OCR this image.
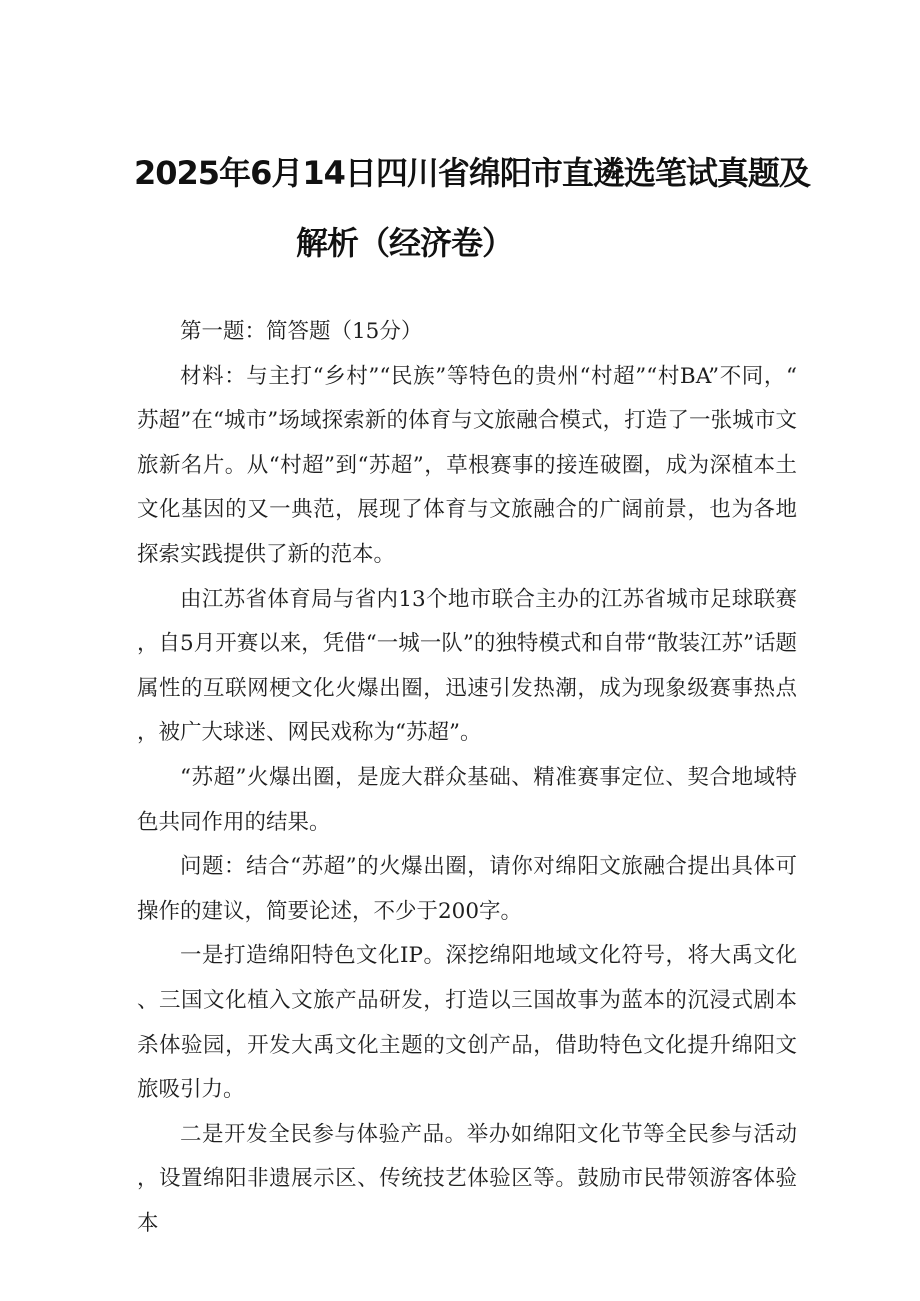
2025年6月14日四川省绵阳市直遴选笔试真题及
解析（经济卷）

第一题：简答题（15分）

材料：与主打“乡村”“民族”等特色的贵州“村超”“村BA”不同，“苏超”在“城市”场域探索新的体育与文旅融合模式，打造了一张城市文旅新名片。从“村超”到“苏超”，草根赛事的接连破圈，成为深植本土文化基因的又一典范，展现了体育与文旅融合的广阔前景，也为各地探索实践提供了新的范本。

由江苏省体育局与省内13个地市联合主办的江苏省城市足球联赛，自5月开赛以来，凭借“一城一队”的独特模式和自带“散装江苏”话题属性的互联网梗文化火爆出圈，迅速引发热潮，成为现象级赛事热点，被广大球迷、网民戏称为“苏超”。

“苏超”火爆出圈，是庞大群众基础、精准赛事定位、契合地域特色共同作用的结果。

问题：结合“苏超”的火爆出圈，请你对绵阳文旅融合提出具体可操作的建议，简要论述，不少于200字。

一是打造绵阳特色文化IP。深挖绵阳地域文化符号，将大禹文化、三国文化植入文旅产品研发，打造以三国故事为蓝本的沉浸式剧本杀体验园，开发大禹文化主题的文创产品，借助特色文化提升绵阳文旅吸引力。

二是开发全民参与体验产品。举办如绵阳文化节等全民参与活动，设置绵阳非遗展示区、传统技艺体验区等。鼓励市民带领游客体验本
